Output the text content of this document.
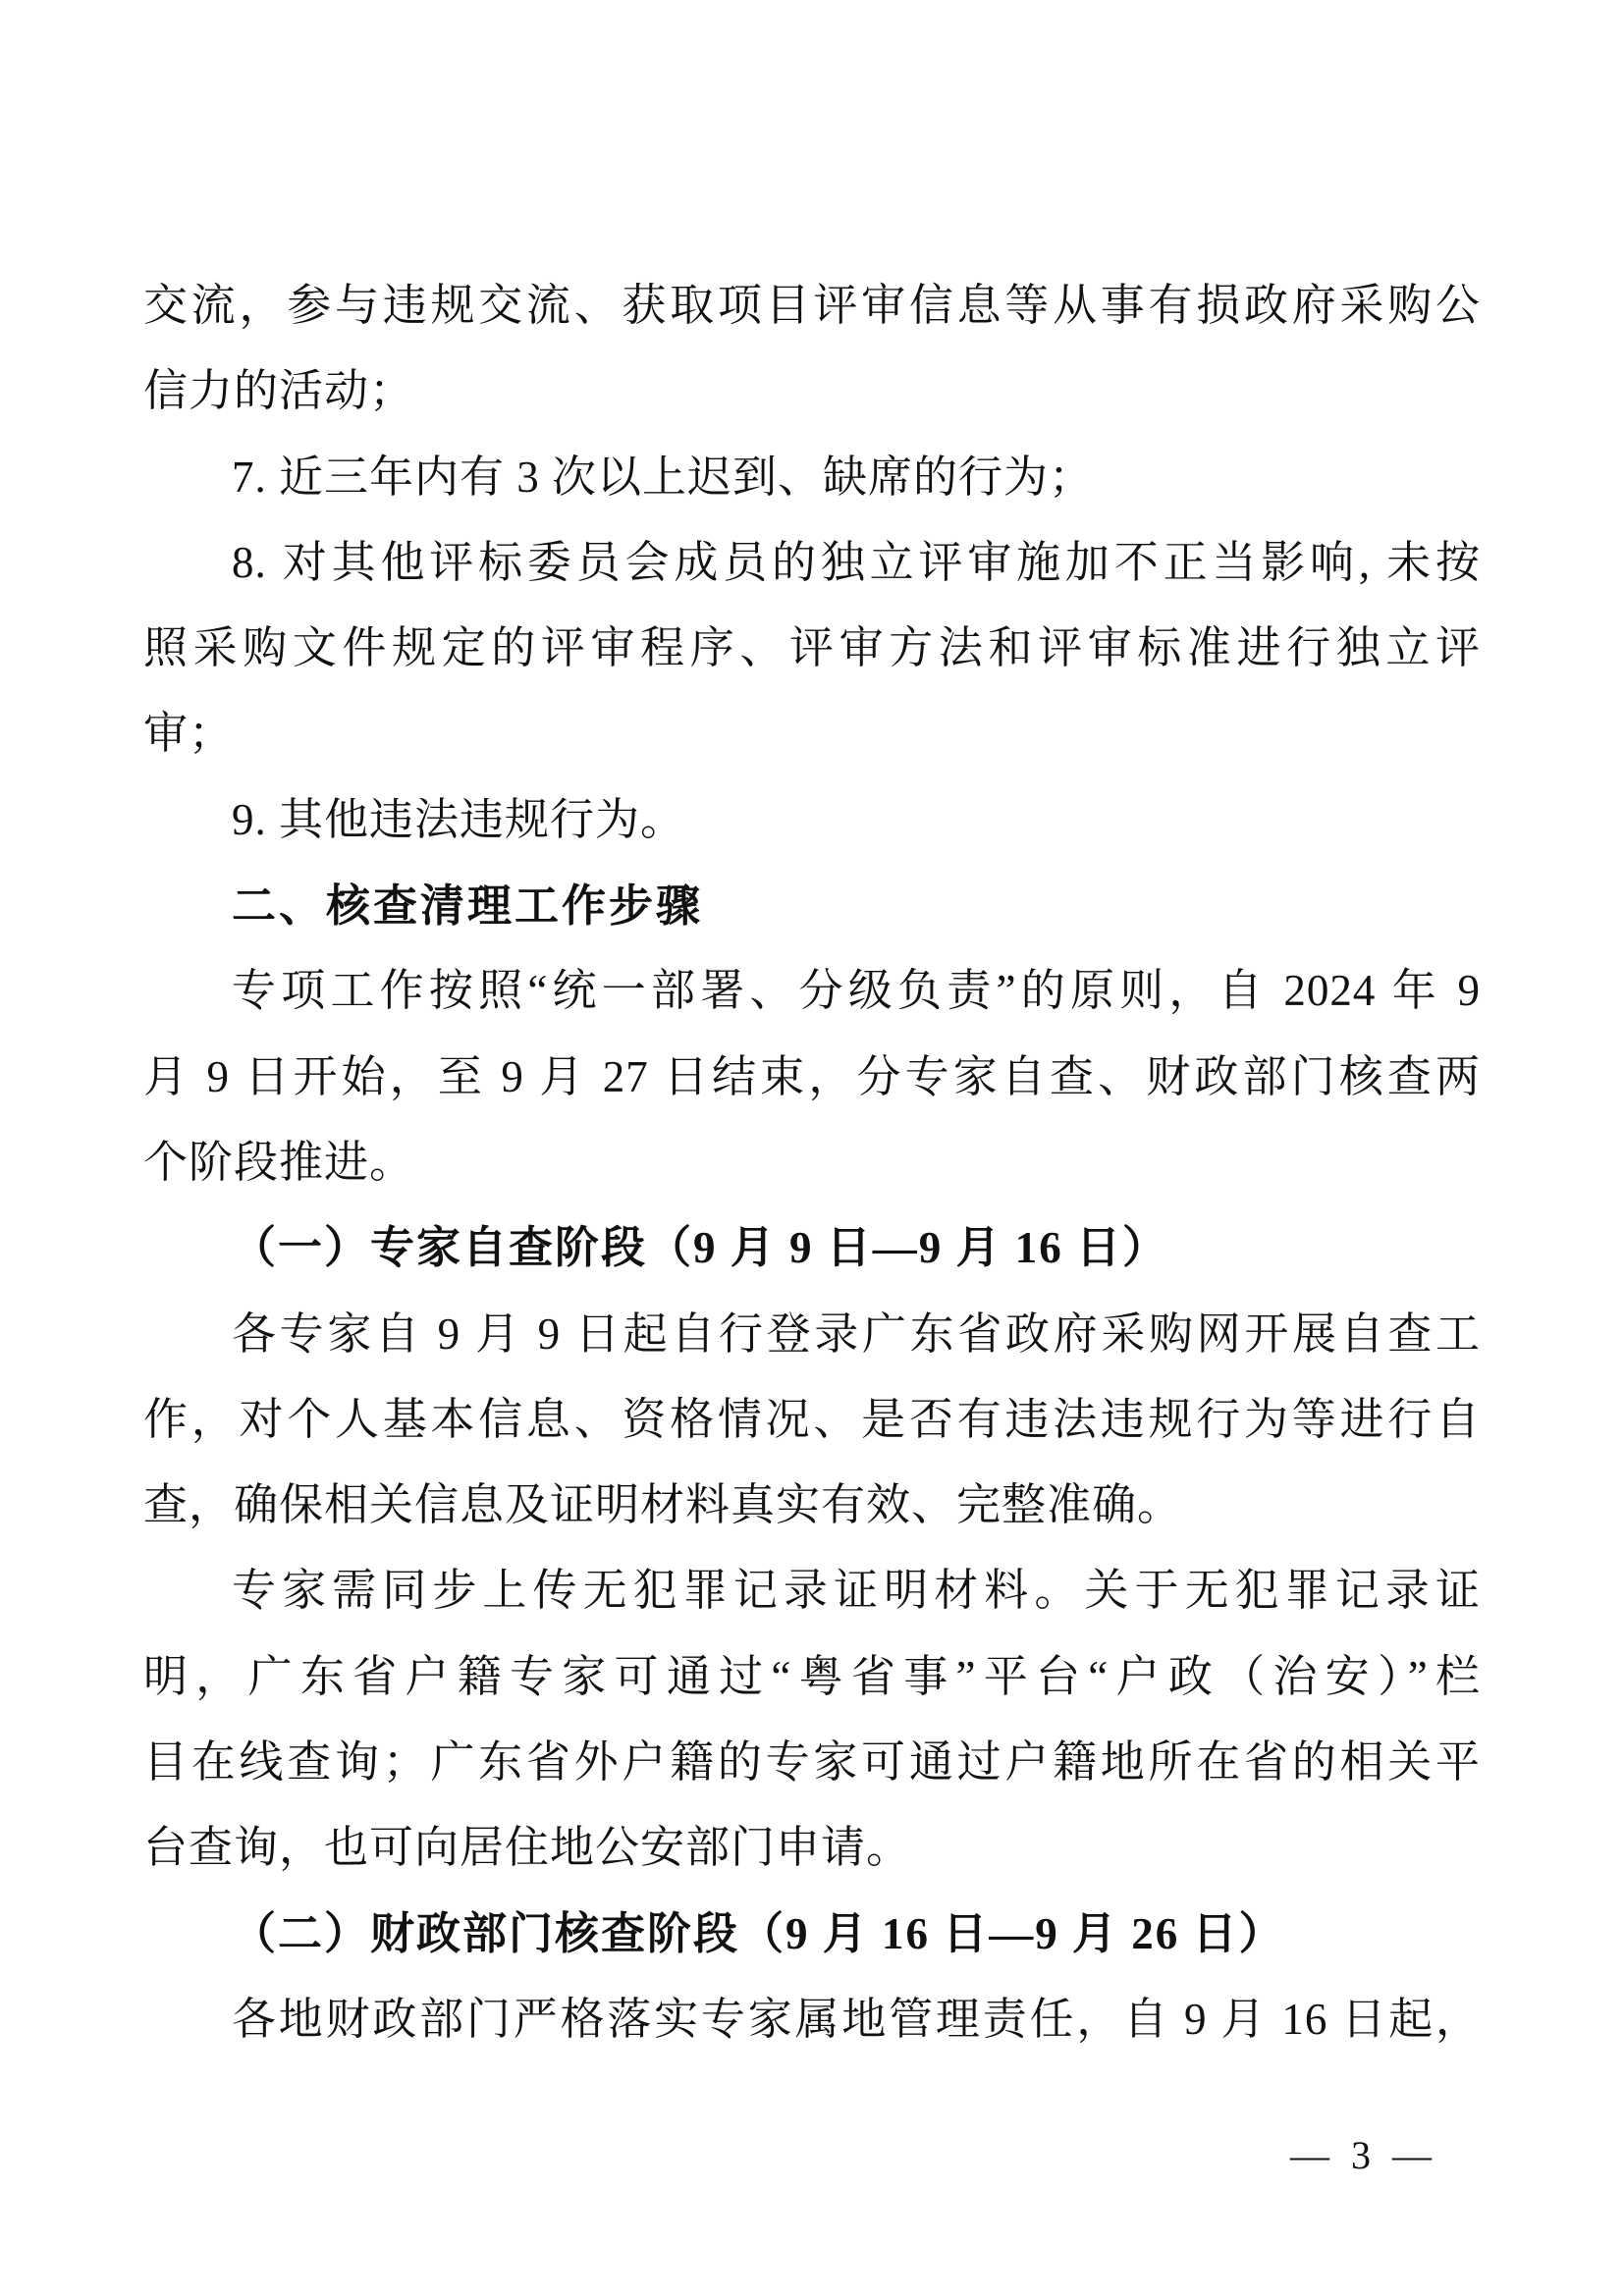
交流，参与违规交流、获取项目评审信息等从事有损政府采购公
信力的活动；
7. 近三年内有 3 次以上迟到、缺席的行为；
8. 对其他评标委员会成员的独立评审施加不正当影响, 未按
照采购文件规定的评审程序、评审方法和评审标准进行独立评
审；
9. 其他违法违规行为。
二、核查清理工作步骤
专项工作按照“统一部署、分级负责”的原则，自 2024 年 9
月 9 日开始，至 9 月 27 日结束，分专家自查、财政部门核查两
个阶段推进。
（一）专家自查阶段（9 月 9 日—9 月 16 日）
各专家自 9 月 9 日起自行登录广东省政府采购网开展自查工
作，对个人基本信息、资格情况、是否有违法违规行为等进行自
查，确保相关信息及证明材料真实有效、完整准确。
专家需同步上传无犯罪记录证明材料。关于无犯罪记录证
明，广东省户籍专家可通过“粤省事”平台“户政（治安）”栏
目在线查询；广东省外户籍的专家可通过户籍地所在省的相关平
台查询，也可向居住地公安部门申请。
（二）财政部门核查阶段（9 月 16 日—9 月 26 日）
各地财政部门严格落实专家属地管理责任，自 9 月 16 日起，
— 3 —
